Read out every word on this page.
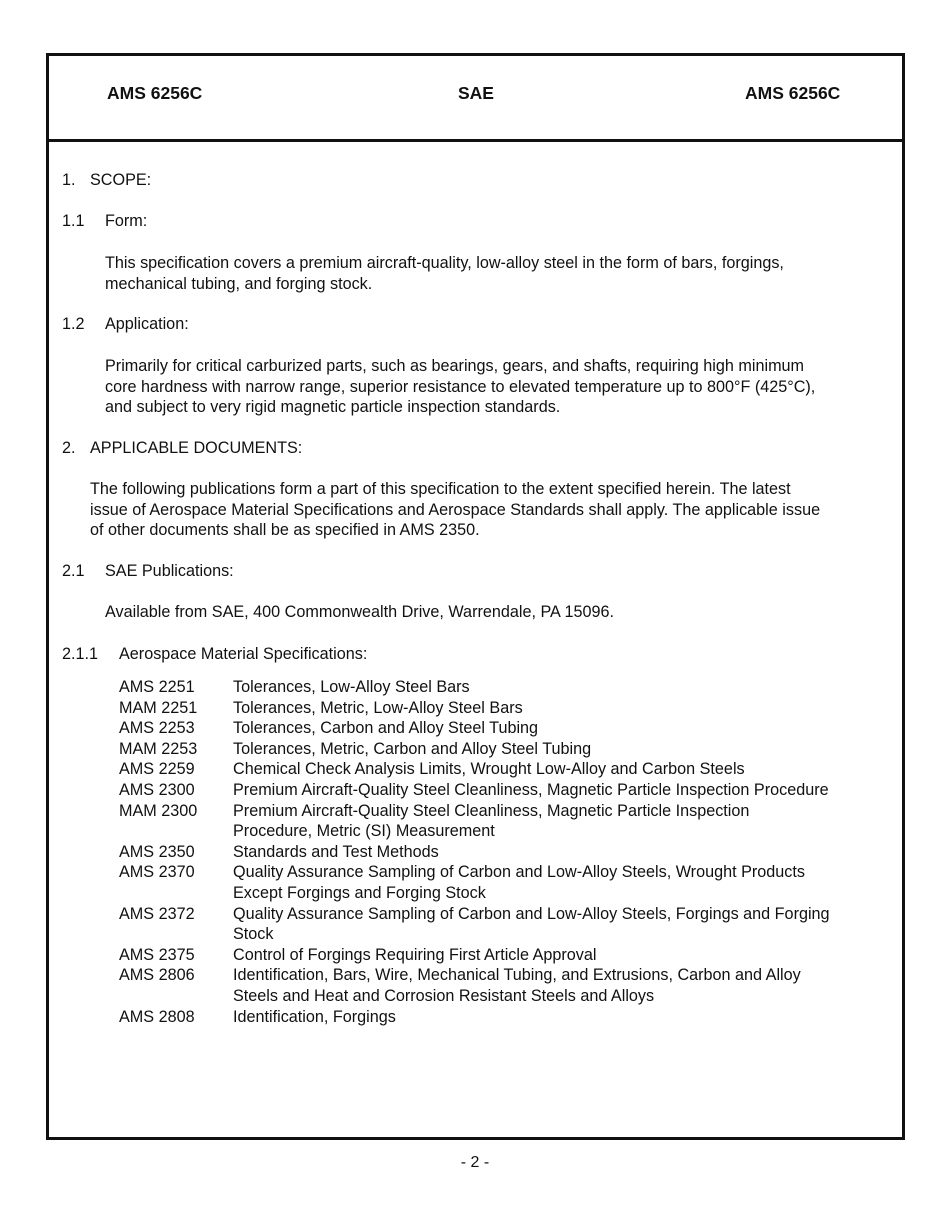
AMS 6256C	SAE	AMS 6256C
1. SCOPE:
1.1 Form:
This specification covers a premium aircraft-quality, low-alloy steel in the form of bars, forgings,
mechanical tubing, and forging stock.
1.2 Application:
Primarily for critical carburized parts, such as bearings, gears, and shafts, requiring high minimum
core hardness with narrow range, superior resistance to elevated temperature up to 800°F (425°C),
and subject to very rigid magnetic particle inspection standards.
2. APPLICABLE DOCUMENTS:
The following publications form a part of this specification to the extent specified herein. The latest
issue of Aerospace Material Specifications and Aerospace Standards shall apply. The applicable issue
of other documents shall be as specified in AMS 2350.
2.1 SAE Publications:
Available from SAE, 400 Commonwealth Drive, Warrendale, PA 15096.
2.1.1 Aerospace Material Specifications:
AMS 2251 Tolerances, Low-Alloy Steel Bars
MAM 2251 Tolerances, Metric, Low-Alloy Steel Bars
AMS 2253 Tolerances, Carbon and Alloy Steel Tubing
MAM 2253 Tolerances, Metric, Carbon and Alloy Steel Tubing
AMS 2259 Chemical Check Analysis Limits, Wrought Low-Alloy and Carbon Steels
AMS 2300 Premium Aircraft-Quality Steel Cleanliness, Magnetic Particle Inspection Procedure
MAM 2300 Premium Aircraft-Quality Steel Cleanliness, Magnetic Particle Inspection
Procedure, Metric (SI) Measurement
AMS 2350 Standards and Test Methods
AMS 2370 Quality Assurance Sampling of Carbon and Low-Alloy Steels, Wrought Products
Except Forgings and Forging Stock
AMS 2372 Quality Assurance Sampling of Carbon and Low-Alloy Steels, Forgings and Forging
Stock
AMS 2375 Control of Forgings Requiring First Article Approval
AMS 2806 Identification, Bars, Wire, Mechanical Tubing, and Extrusions, Carbon and Alloy
Steels and Heat and Corrosion Resistant Steels and Alloys
AMS 2808 Identification, Forgings
- 2 -
